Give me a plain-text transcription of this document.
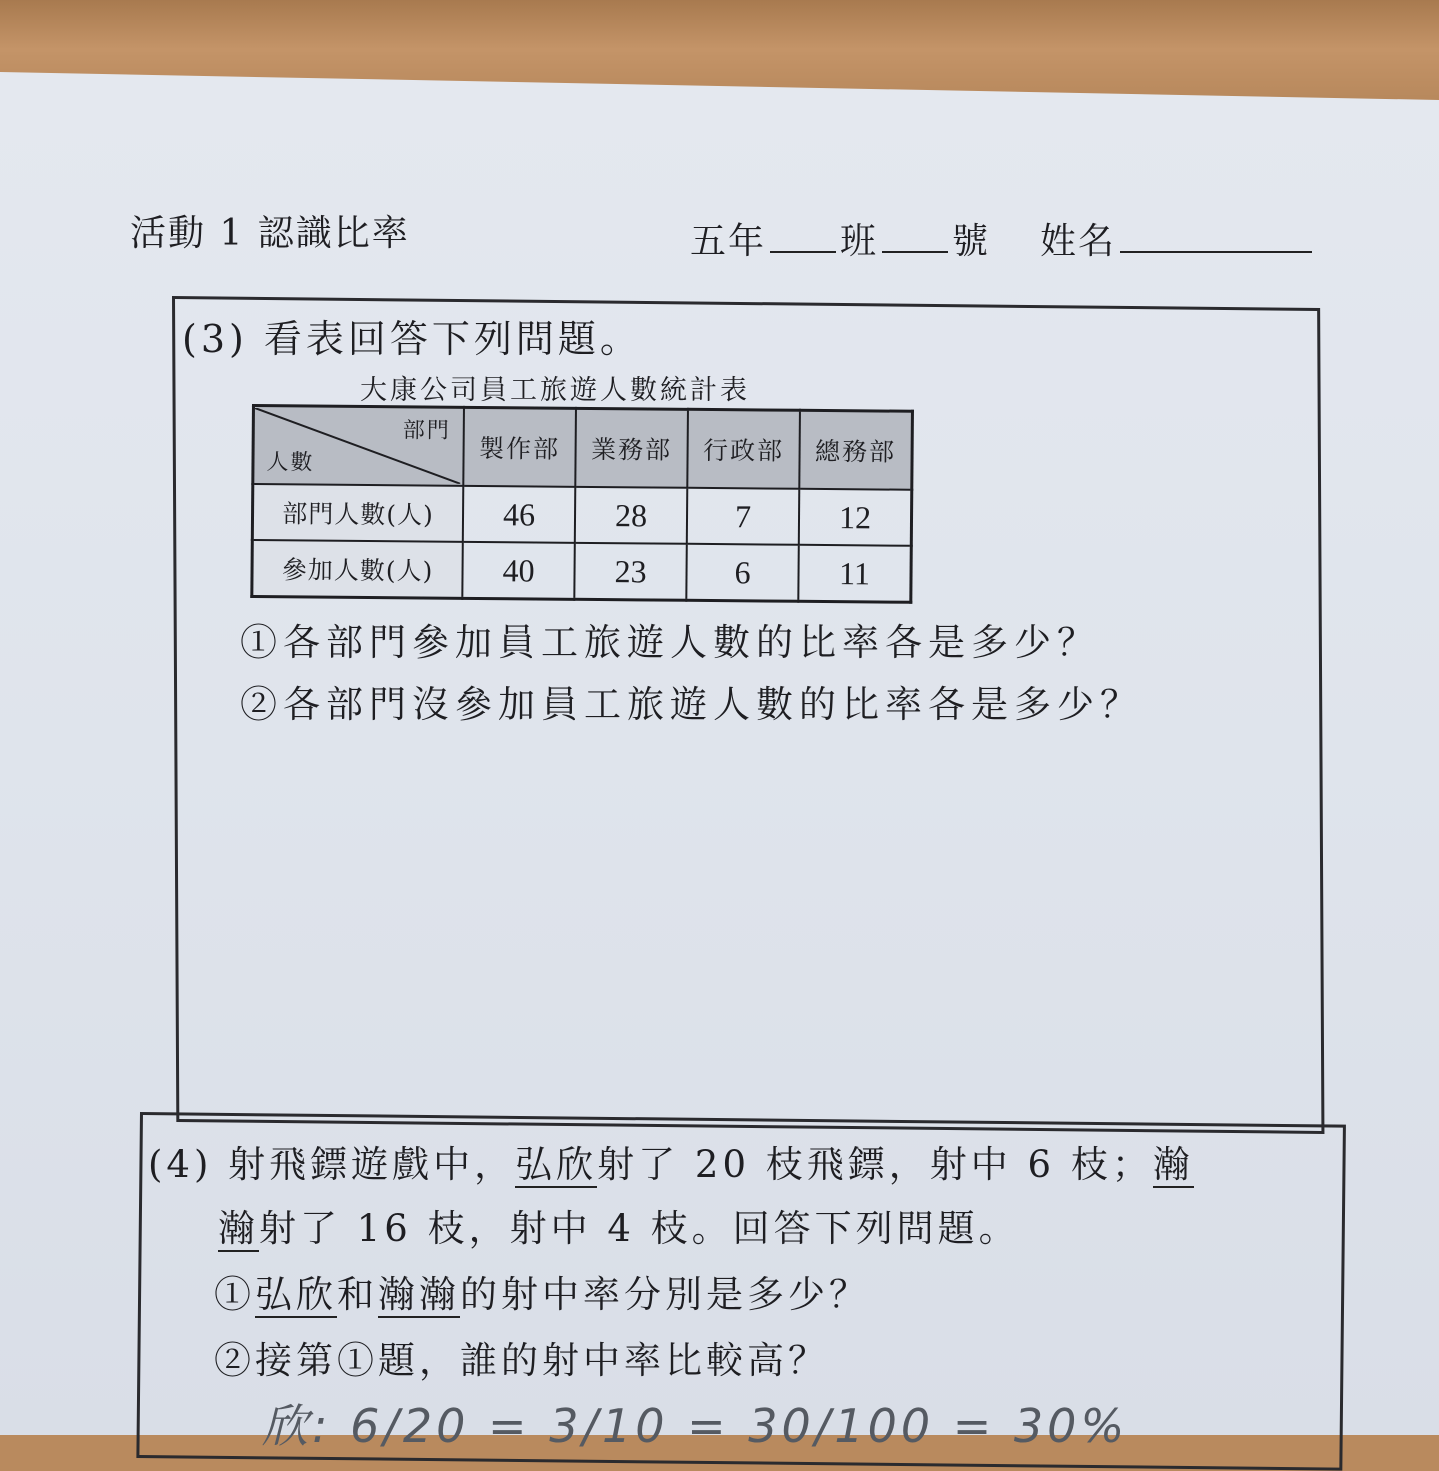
活動 1 認識比率	五年 班 號 姓名
(3) 看表回答下列問題。
大康公司員工旅遊人數統計表
部門
人數	製作部	業務部	行政部	總務部
部門人數(人)	46	28	7	12
參加人數(人)	40	23	6	11
①各部門參加員工旅遊人數的比率各是多少？
②各部門沒參加員工旅遊人數的比率各是多少？
(4) 射飛鏢遊戲中，弘欣射了 20 枝飛鏢，射中 6 枝；瀚
瀚射了 16 枝，射中 4 枝。回答下列問題。
①弘欣和瀚瀚的射中率分別是多少？
②接第①題，誰的射中率比較高？
欣: 6/20 = 3/10 = 30/100 = 30%
